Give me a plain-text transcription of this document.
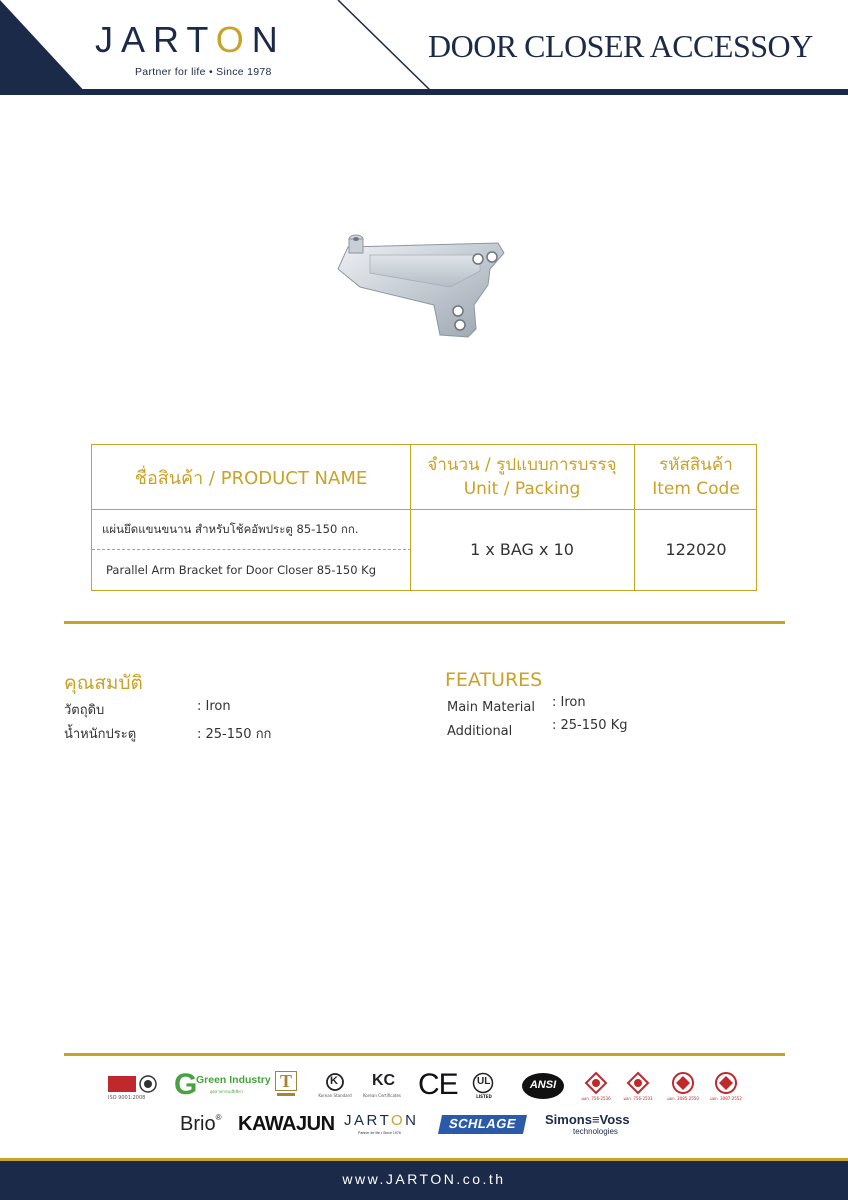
JARTON
Partner for life • Since 1978
DOOR CLOSER ACCESSOY
ชื่อสินค้า / PRODUCT NAME
จำนวน / รูปแบบการบรรจุ
Unit / Packing
รหัสสินค้า
Item Code
แผ่นยึดแขนขนาน สำหรับโช้คอัพประตู 85-150 กก.
Parallel Arm Bracket for Door Closer 85-150 Kg
1 x BAG x 10	122020
คุณสมบัติ
วัตถุดิบ	: Iron
น้ำหนักประตู	: 25-150 กก
FEATURES
Main Material : Iron
Additional	: 25-150 Kg
ISO 9001:2008 G
Green Industry
อุตสาหกรรมสีเขียว
T	K
Korean Standard
KC
Korean Certificates CE UL
LISTED
ANSI
มอก. 756-2536	มอก. 756-2531	มอก. 2085-2550	มอก. 3087-2552
Brio® KAWAJUN JARTON
Partner for life • Since 1978
SCHLAGE	Simons≡Voss
technologies
www.JARTON.co.th
